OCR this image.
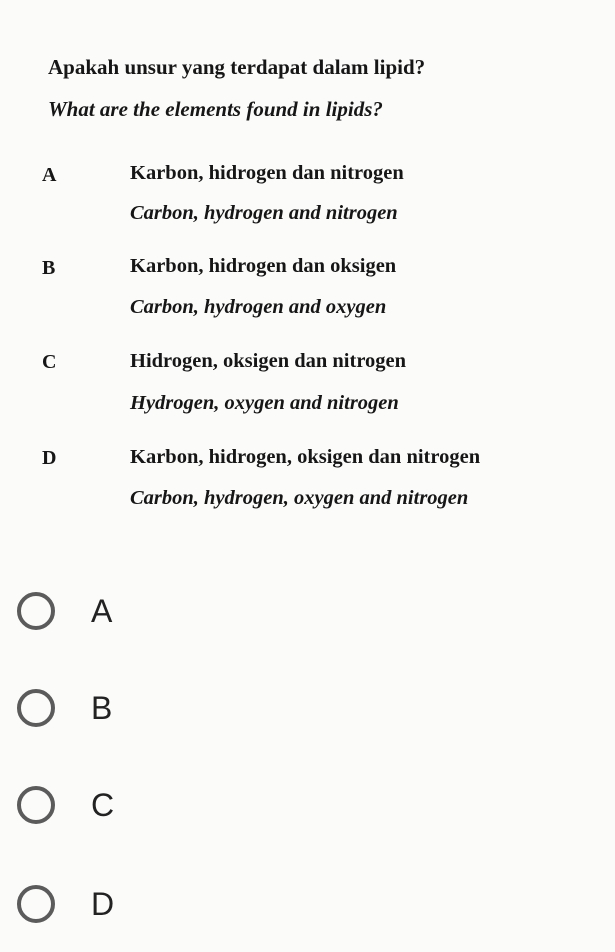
Apakah unsur yang terdapat dalam lipid?
What are the elements found in lipids?
A	Karbon, hidrogen dan nitrogen
Carbon, hydrogen and nitrogen
B	Karbon, hidrogen dan oksigen
Carbon, hydrogen and oxygen
C	Hidrogen, oksigen dan nitrogen
Hydrogen, oxygen and nitrogen
D	Karbon, hidrogen, oksigen dan nitrogen
Carbon, hydrogen, oxygen and nitrogen
A
B
C
D
